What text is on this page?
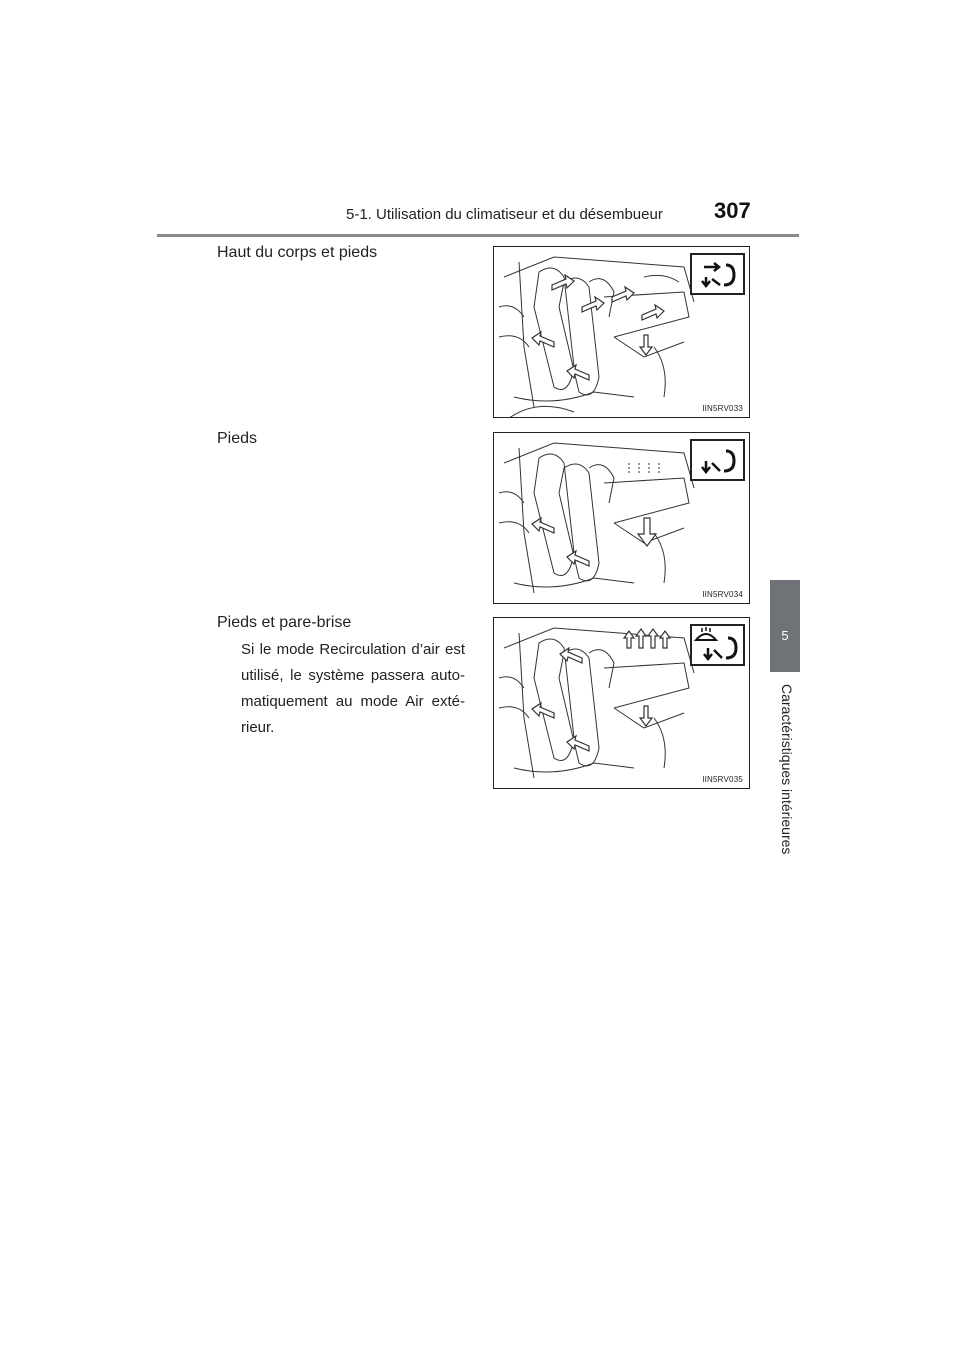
5-1. Utilisation du climatiseur et du désembueur 307
5
Caractéristiques intérieures
Haut du corps et pieds
IIN5RV033
Pieds
IIN5RV034
Pieds et pare-brise
Si le mode Recirculation d’air est utilisé, le système passera auto-matiquement au mode Air exté-rieur.
IIN5RV035
